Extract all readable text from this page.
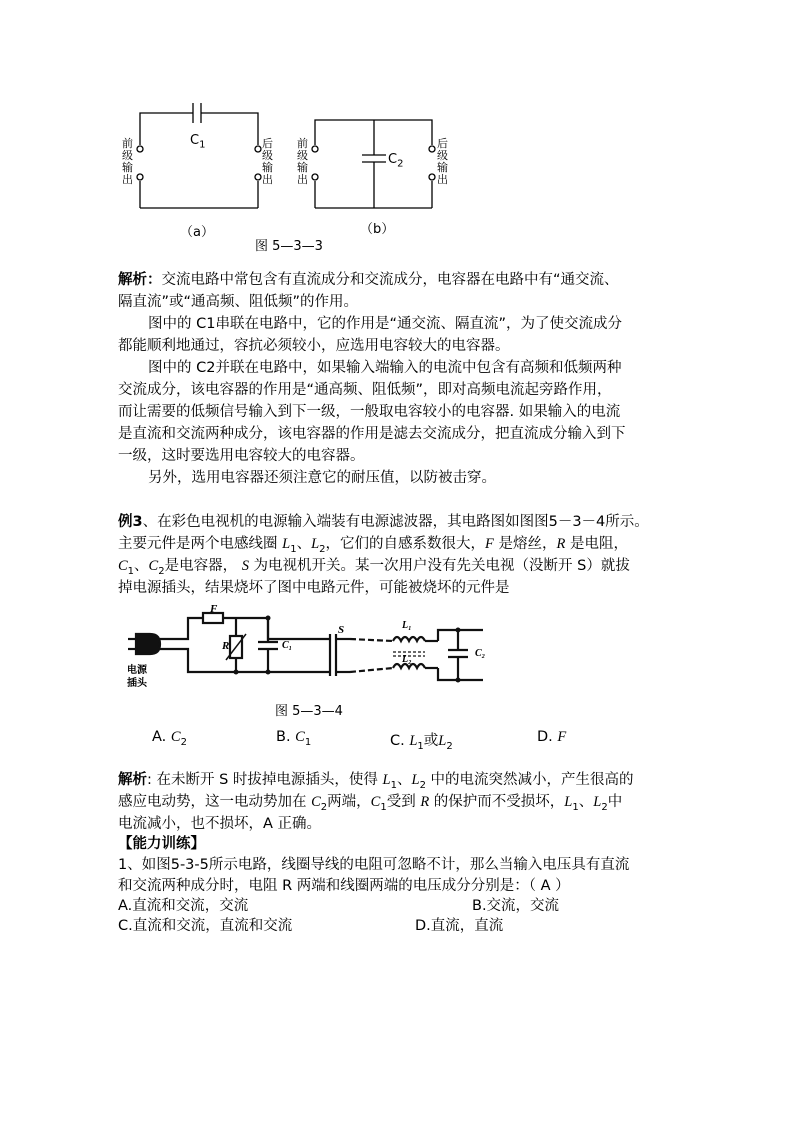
$C_1$
$C_2$
前级输出
后级输出
前级输出
后级输出
（a）	（b）
图 5—3—3
解析：交流电路中常包含有直流成分和交流成分，电容器在电路中有“通交流、
隔直流”或“通高频、阻低频”的作用。
图中的 C1串联在电路中，它的作用是“通交流、隔直流”，为了使交流成分
都能顺利地通过，容抗必须较小，应选用电容较大的电容器。
图中的 C2并联在电路中，如果输入端输入的电流中包含有高频和低频两种
交流成分，该电容器的作用是“通高频、阻低频”，即对高频电流起旁路作用，
而让需要的低频信号输入到下一级，一般取电容较小的电容器. 如果输入的电流
是直流和交流两种成分，该电容器的作用是滤去交流成分，把直流成分输入到下
一级，这时要选用电容较大的电容器。
另外，选用电容器还须注意它的耐压值，以防被击穿。
例3、在彩色电视机的电源输入端装有电源滤波器，其电路图如图图5－3－4所示。
主要元件是两个电感线圈 $L_1$、$L_2$，它们的自感系数很大，F 是熔丝，R 是电阻，
$C_1$、$C_2$是电容器， S 为电视机开关。某一次用户没有先关电视（没断开 S）就拔
掉电源插头，结果烧坏了图中电路元件，可能被烧坏的元件是
F
R	C₁
S	L₁
L₂
C₂
电源
插头
图 5—3—4
A. $C_2$	B. $C_1$	C. $L_1$或$L_2$
D. F
解析: 在未断开 S 时拔掉电源插头，使得 $L_1$、$L_2$ 中的电流突然减小，产生很高的
感应电动势，这一电动势加在 $C_2$两端，$C_1$受到 R 的保护而不受损坏，$L_1$、$L_2$中
电流减小，也不损坏，A 正确。
【能力训练】
1、如图5-3-5所示电路，线圈导线的电阻可忽略不计，那么当输入电压具有直流
和交流两种成分时，电阻 R 两端和线圈两端的电压成分分别是：（ A ）
A.直流和交流，交流	B.交流，交流
C.直流和交流，直流和交流	D.直流，直流
